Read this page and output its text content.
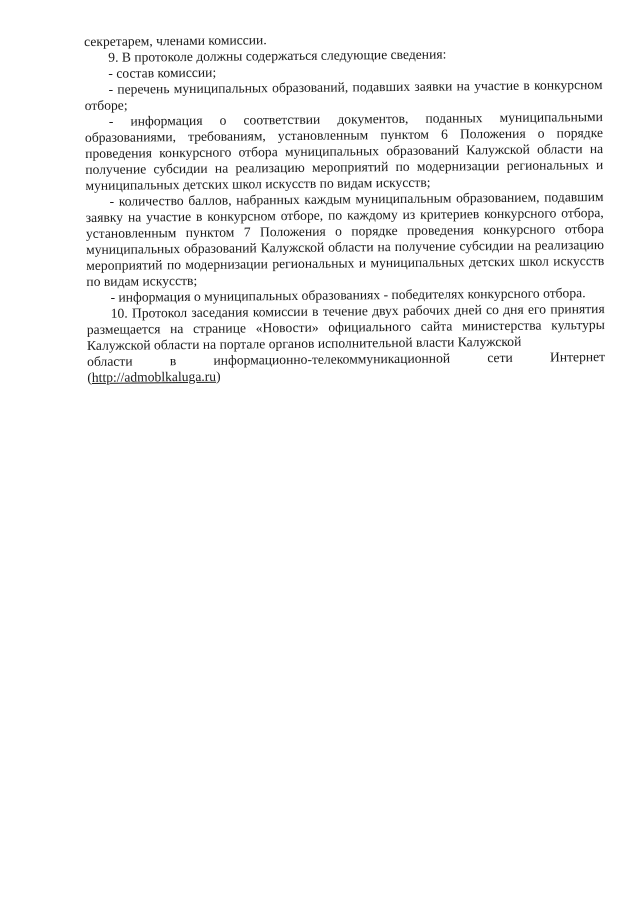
секретарем, членами комиссии.

9. В протоколе должны содержаться следующие сведения:

- состав комиссии;

- перечень муниципальных образований, подавших заявки на участие в конкурсном отборе;

- информация о соответствии документов, поданных муниципальными образованиями, требованиям, установленным пунктом 6 Положения о порядке проведения конкурсного отбора муниципальных образований Калужской области на получение субсидии на реализацию мероприятий по модернизации региональных и муниципальных детских школ искусств по видам искусств;

- количество баллов, набранных каждым муниципальным образованием, подавшим заявку на участие в конкурсном отборе, по каждому из критериев конкурсного отбора, установленным пунктом 7 Положения о порядке проведения конкурсного отбора муниципальных образований Калужской области на получение субсидии на реализацию мероприятий по модернизации региональных и муниципальных детских школ искусств по видам искусств;

- информация о муниципальных образованиях - победителях конкурсного отбора.

10. Протокол заседания комиссии в течение двух рабочих дней со дня его принятия размещается на странице «Новости» официального сайта министерства культуры Калужской области на портале органов исполнительной власти Калужской

области	в	информационно-телекоммуникационной	сети	Интернет

(http://admoblkaluga.ru)
